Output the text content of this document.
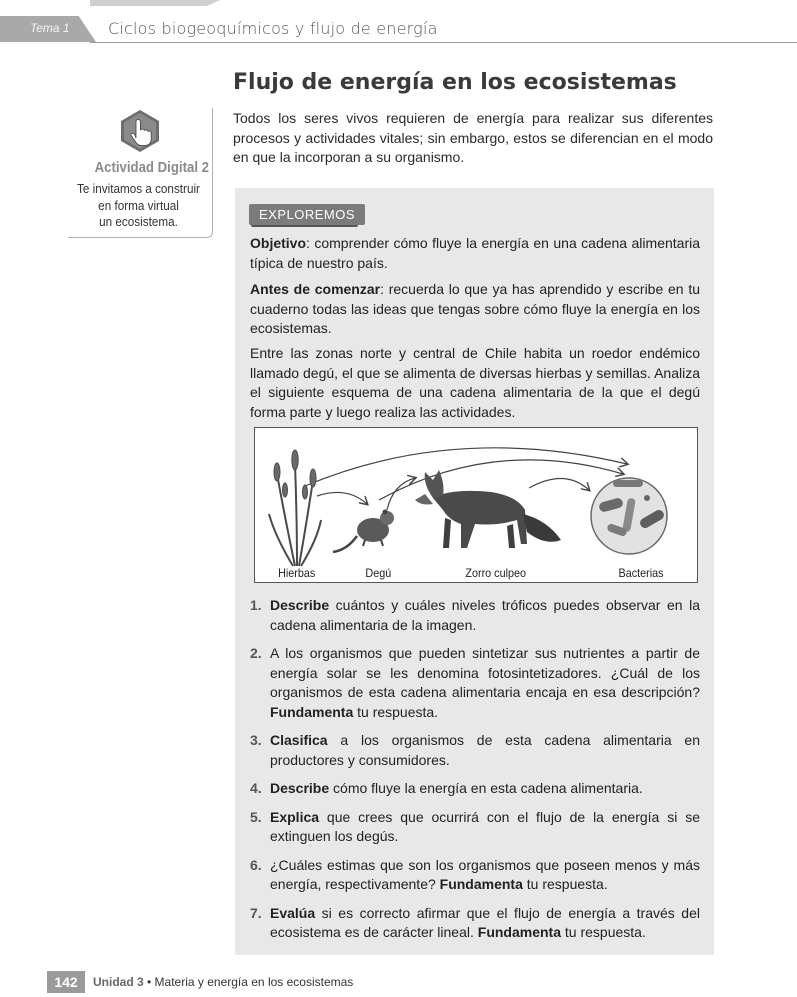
Tema 1 Ciclos biogeoquímicos y flujo de energía
Flujo de energía en los ecosistemas

Todos los seres vivos requieren de energía para realizar sus diferentes procesos y actividades vitales; sin embargo, estos se diferencian en el modo en que la incorporan a su organismo.

Actividad Digital 2
Te invitamos a construir
en forma virtual
un ecosistema.	EXPLOREMOS

Objetivo: comprender cómo fluye la energía en una cadena alimentaria típica de nuestro país.

Antes de comenzar: recuerda lo que ya has aprendido y escribe en tu cuaderno todas las ideas que tengas sobre cómo fluye la energía en los ecosistemas.

Entre las zonas norte y central de Chile habita un roedor endémico llamado degú, el que se alimenta de diversas hierbas y semillas. Analiza el siguiente esquema de una cadena alimentaria de la que el degú forma parte y luego realiza las actividades.

Hierbas	Degú	Zorro culpeo	Bacterias
1. Describe cuántos y cuáles niveles tróficos puedes observar en la cadena alimentaria de la imagen.
2. A los organismos que pueden sintetizar sus nutrientes a partir de energía solar se les denomina fotosintetizadores. ¿Cuál de los organismos de esta cadena alimentaria encaja en esa descripción? Fundamenta tu respuesta.
3. Clasifica a los organismos de esta cadena alimentaria en productores y consumidores.
4. Describe cómo fluye la energía en esta cadena alimentaria.
5. Explica que crees que ocurrirá con el flujo de la energía si se extinguen los degús.
6. ¿Cuáles estimas que son los organismos que poseen menos y más energía, respectivamente? Fundamenta tu respuesta.
7. Evalúa si es correcto afirmar que el flujo de energía a través del ecosistema es de carácter lineal. Fundamenta tu respuesta.
142	Unidad 3 • Materia y energía en los ecosistemas
